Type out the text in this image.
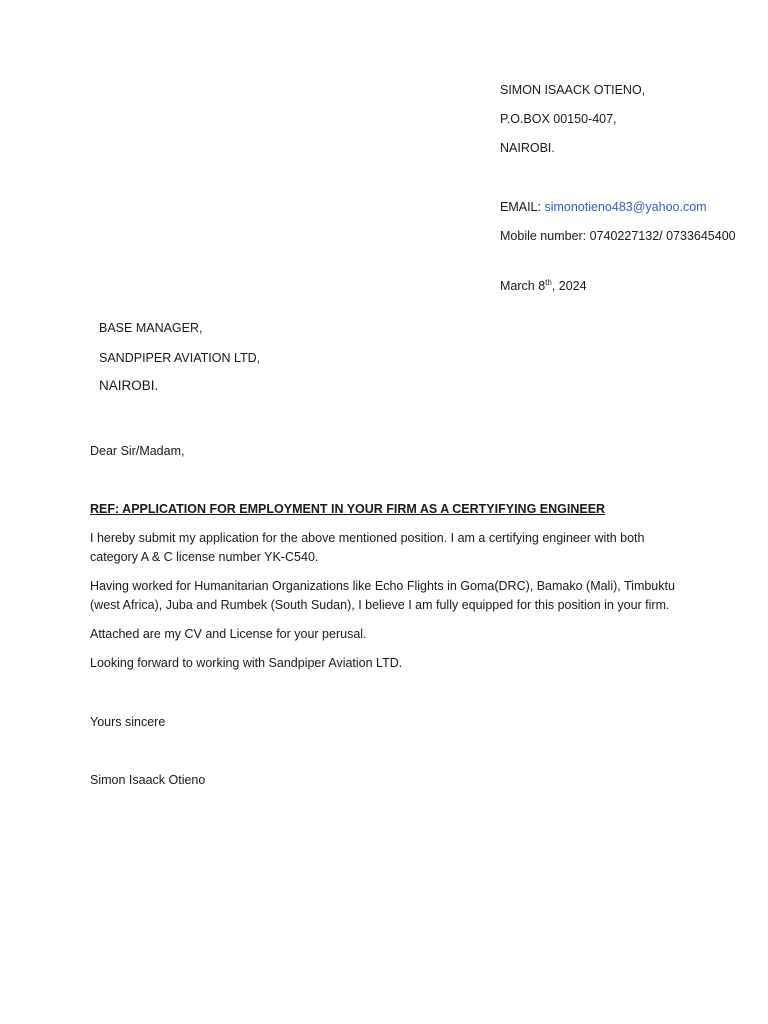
SIMON ISAACK OTIENO,
P.O.BOX 00150-407,
NAIROBI.
EMAIL: simonotieno483@yahoo.com
Mobile number: 0740227132/ 0733645400
March 8th, 2024
BASE MANAGER,
SANDPIPER AVIATION LTD,
NAIROBI.
Dear Sir/Madam,
REF: APPLICATION FOR EMPLOYMENT IN YOUR FIRM AS A CERTYIFYING ENGINEER
I hereby submit my application for the above mentioned position. I am a certifying engineer with both category A & C license number YK-C540.
Having worked for Humanitarian Organizations like Echo Flights in Goma(DRC), Bamako (Mali), Timbuktu (west Africa), Juba and Rumbek (South Sudan), I believe I am fully equipped for this position in your firm.
Attached are my CV and License for your perusal.
Looking forward to working with Sandpiper Aviation LTD.
Yours sincere
Simon Isaack Otieno
